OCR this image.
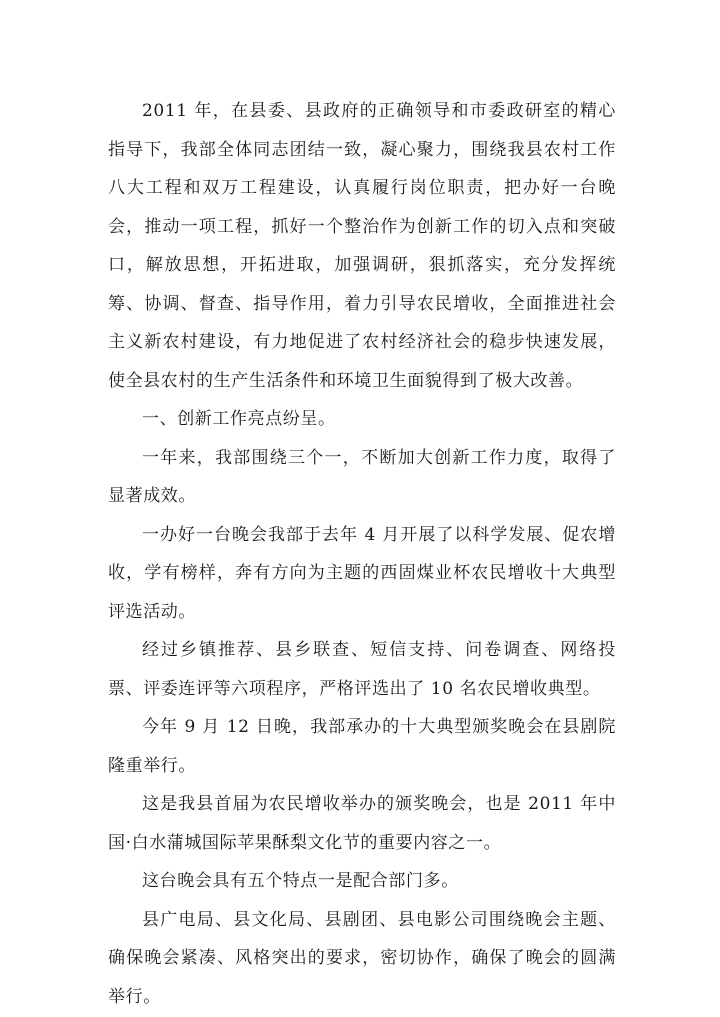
2011 年，在县委、县政府的正确领导和市委政研室的精心指导下，我部全体同志团结一致，凝心聚力，围绕我县农村工作八大工程和双万工程建设，认真履行岗位职责，把办好一台晚会，推动一项工程，抓好一个整治作为创新工作的切入点和突破口，解放思想，开拓进取，加强调研，狠抓落实，充分发挥统筹、协调、督查、指导作用，着力引导农民增收，全面推进社会主义新农村建设，有力地促进了农村经济社会的稳步快速发展，使全县农村的生产生活条件和环境卫生面貌得到了极大改善。

一、创新工作亮点纷呈。

一年来，我部围绕三个一，不断加大创新工作力度，取得了显著成效。

一办好一台晚会我部于去年 4 月开展了以科学发展、促农增收，学有榜样，奔有方向为主题的西固煤业杯农民增收十大典型评选活动。

经过乡镇推荐、县乡联查、短信支持、问卷调查、网络投票、评委连评等六项程序，严格评选出了 10 名农民增收典型。

今年 9 月 12 日晚，我部承办的十大典型颁奖晚会在县剧院隆重举行。

这是我县首届为农民增收举办的颁奖晚会，也是 2011 年中国·白水蒲城国际苹果酥梨文化节的重要内容之一。

这台晚会具有五个特点一是配合部门多。

县广电局、县文化局、县剧团、县电影公司围绕晚会主题、确保晚会紧凑、风格突出的要求，密切协作，确保了晚会的圆满举行。
